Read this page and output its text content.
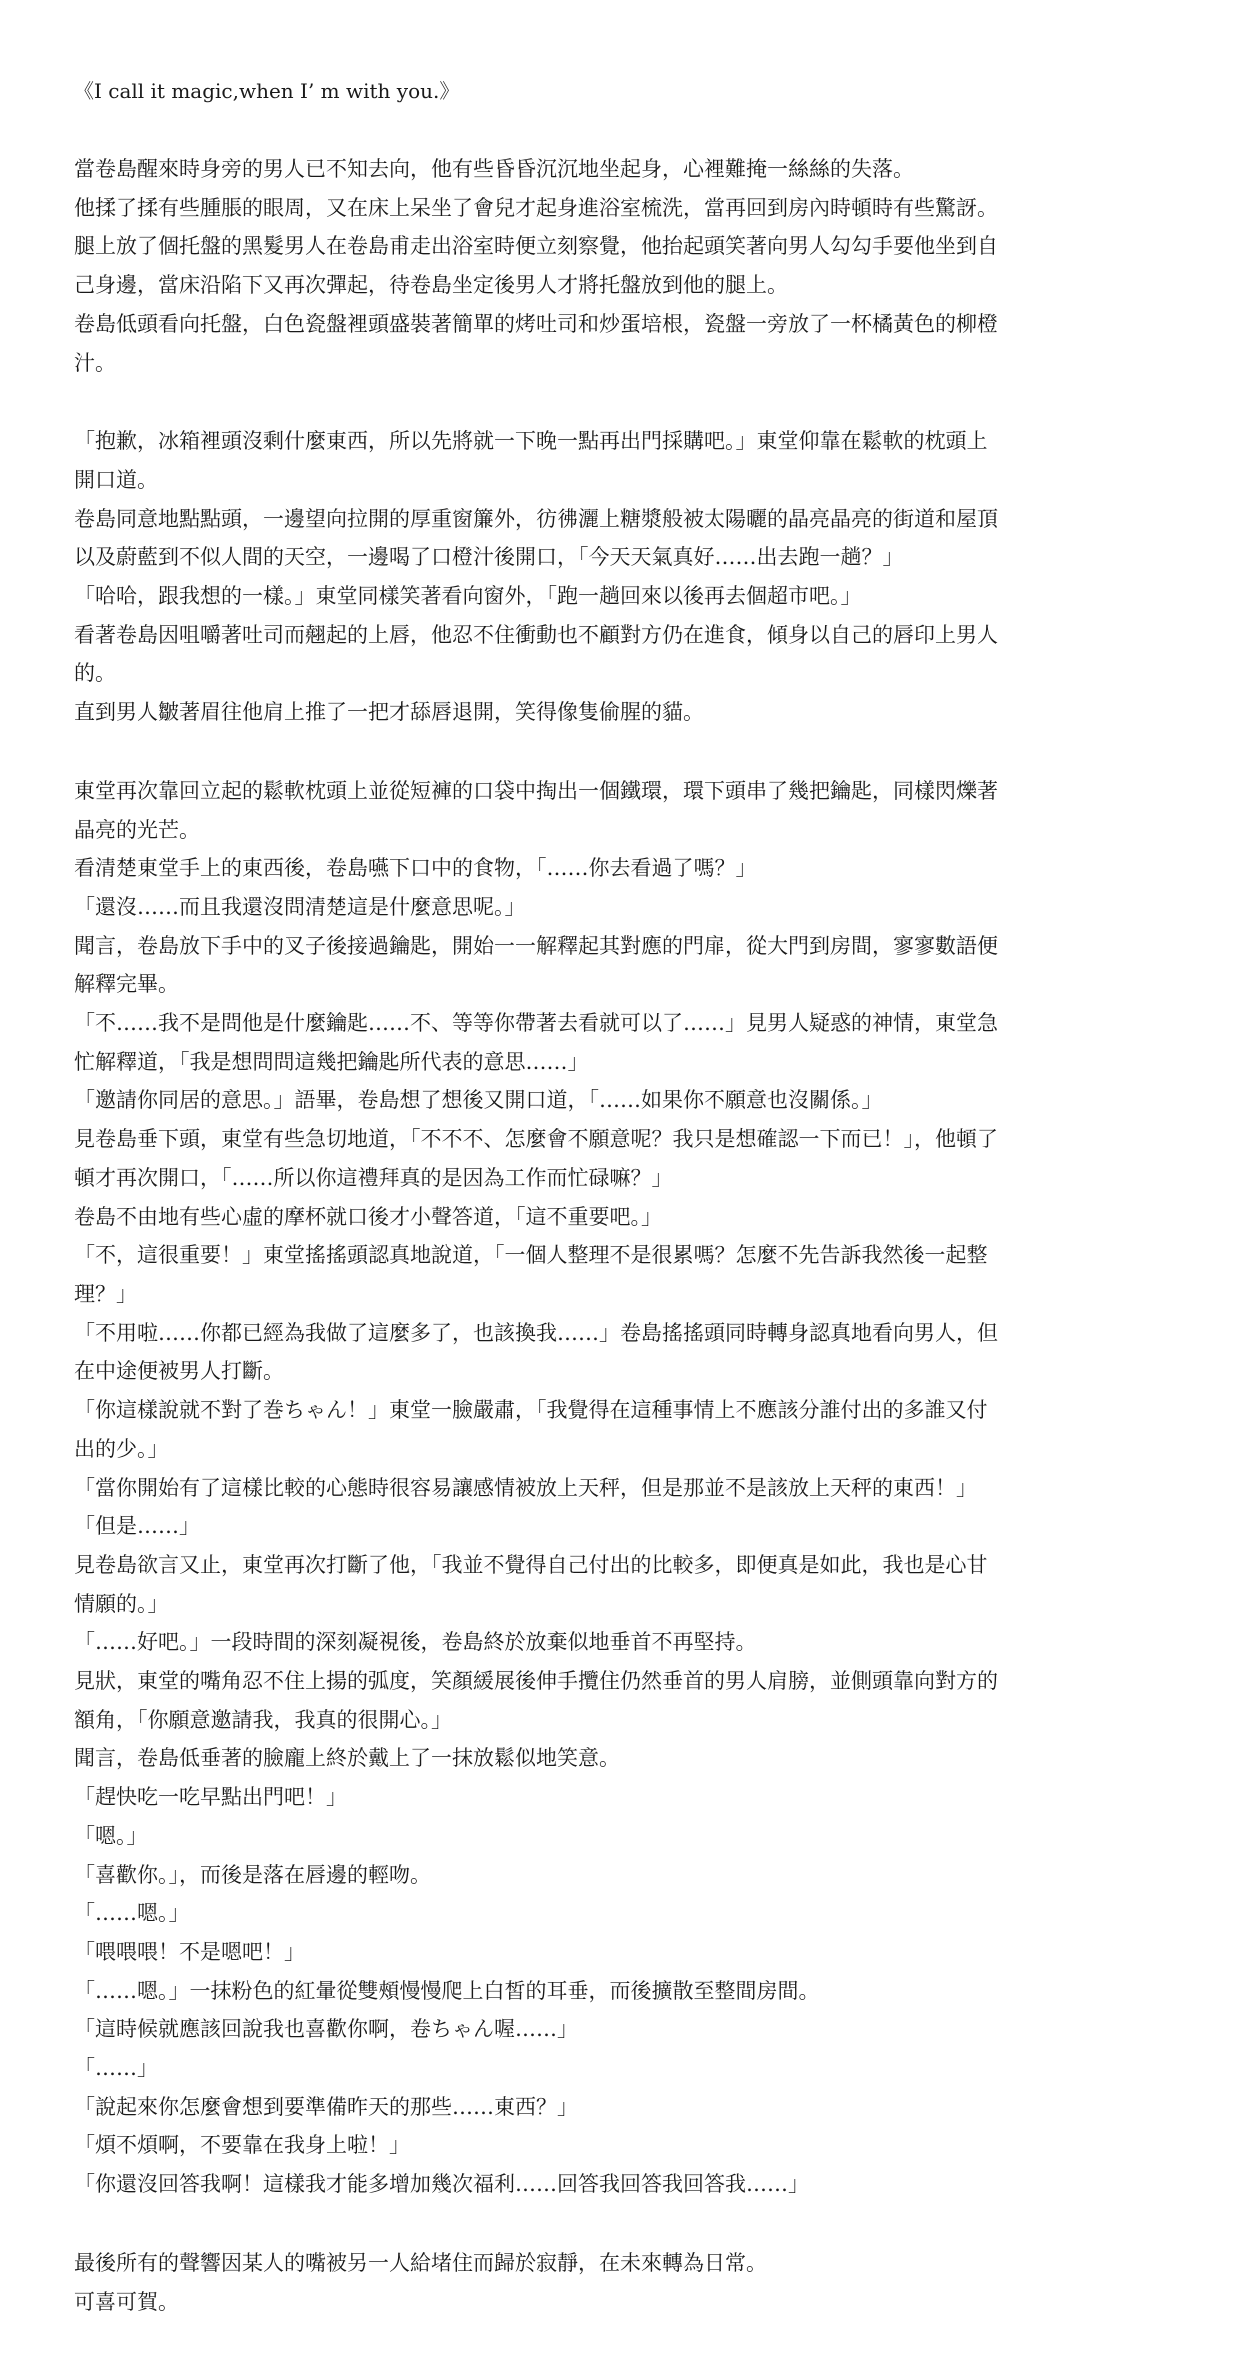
《I call it magic,when I’ m with you.》

當卷島醒來時身旁的男人已不知去向，他有些昏昏沉沉地坐起身，心裡難掩一絲絲的失落。

他揉了揉有些腫脹的眼周，又在床上呆坐了會兒才起身進浴室梳洗，當再回到房內時頓時有些驚訝。

腿上放了個托盤的黑髮男人在卷島甫走出浴室時便立刻察覺，他抬起頭笑著向男人勾勾手要他坐到自

己身邊，當床沿陷下又再次彈起，待卷島坐定後男人才將托盤放到他的腿上。

卷島低頭看向托盤，白色瓷盤裡頭盛裝著簡單的烤吐司和炒蛋培根，瓷盤一旁放了一杯橘黃色的柳橙

汁。

「抱歉，冰箱裡頭沒剩什麼東西，所以先將就一下晚一點再出門採購吧。」東堂仰靠在鬆軟的枕頭上

開口道。

卷島同意地點點頭，一邊望向拉開的厚重窗簾外，彷彿灑上糖漿般被太陽曬的晶亮晶亮的街道和屋頂

以及蔚藍到不似人間的天空，一邊喝了口橙汁後開口，「今天天氣真好……出去跑一趟？」

「哈哈，跟我想的一樣。」東堂同樣笑著看向窗外，「跑一趟回來以後再去個超市吧。」

看著卷島因咀嚼著吐司而翹起的上唇，他忍不住衝動也不顧對方仍在進食，傾身以自己的唇印上男人

的。

直到男人皺著眉往他肩上推了一把才舔唇退開，笑得像隻偷腥的貓。

東堂再次靠回立起的鬆軟枕頭上並從短褲的口袋中掏出一個鐵環，環下頭串了幾把鑰匙，同樣閃爍著

晶亮的光芒。

看清楚東堂手上的東西後，卷島嚥下口中的食物，「……你去看過了嗎？」

「還沒……而且我還沒問清楚這是什麼意思呢。」

聞言，卷島放下手中的叉子後接過鑰匙，開始一一解釋起其對應的門扉，從大門到房間，寥寥數語便

解釋完畢。

「不……我不是問他是什麼鑰匙……不、等等你帶著去看就可以了……」見男人疑惑的神情，東堂急

忙解釋道，「我是想問問這幾把鑰匙所代表的意思……」

「邀請你同居的意思。」語畢，卷島想了想後又開口道，「……如果你不願意也沒關係。」

見卷島垂下頭，東堂有些急切地道，「不不不、怎麼會不願意呢？我只是想確認一下而已！」，他頓了

頓才再次開口，「……所以你這禮拜真的是因為工作而忙碌嘛？」

卷島不由地有些心虛的摩杯就口後才小聲答道，「這不重要吧。」

「不，這很重要！」東堂搖搖頭認真地說道，「一個人整理不是很累嗎？怎麼不先告訴我然後一起整

理？」

「不用啦……你都已經為我做了這麼多了，也該換我……」卷島搖搖頭同時轉身認真地看向男人，但

在中途便被男人打斷。

「你這樣說就不對了巻ちゃん！」東堂一臉嚴肅，「我覺得在這種事情上不應該分誰付出的多誰又付

出的少。」

「當你開始有了這樣比較的心態時很容易讓感情被放上天秤，但是那並不是該放上天秤的東西！」

「但是……」

見卷島欲言又止，東堂再次打斷了他，「我並不覺得自己付出的比較多，即便真是如此，我也是心甘

情願的。」

「……好吧。」一段時間的深刻凝視後，卷島終於放棄似地垂首不再堅持。

見狀，東堂的嘴角忍不住上揚的弧度，笑顏緩展後伸手攬住仍然垂首的男人肩膀，並側頭靠向對方的

額角，「你願意邀請我，我真的很開心。」

聞言，卷島低垂著的臉龐上終於戴上了一抹放鬆似地笑意。

「趕快吃一吃早點出門吧！」

「嗯。」

「喜歡你。」，而後是落在唇邊的輕吻。

「……嗯。」

「喂喂喂！不是嗯吧！」

「……嗯。」一抹粉色的紅暈從雙頰慢慢爬上白皙的耳垂，而後擴散至整間房間。

「這時候就應該回說我也喜歡你啊，卷ちゃん喔……」

「……」

「說起來你怎麼會想到要準備昨天的那些……東西？」

「煩不煩啊，不要靠在我身上啦！」

「你還沒回答我啊！這樣我才能多增加幾次福利……回答我回答我回答我……」

最後所有的聲響因某人的嘴被另一人給堵住而歸於寂靜，在未來轉為日常。

可喜可賀。
